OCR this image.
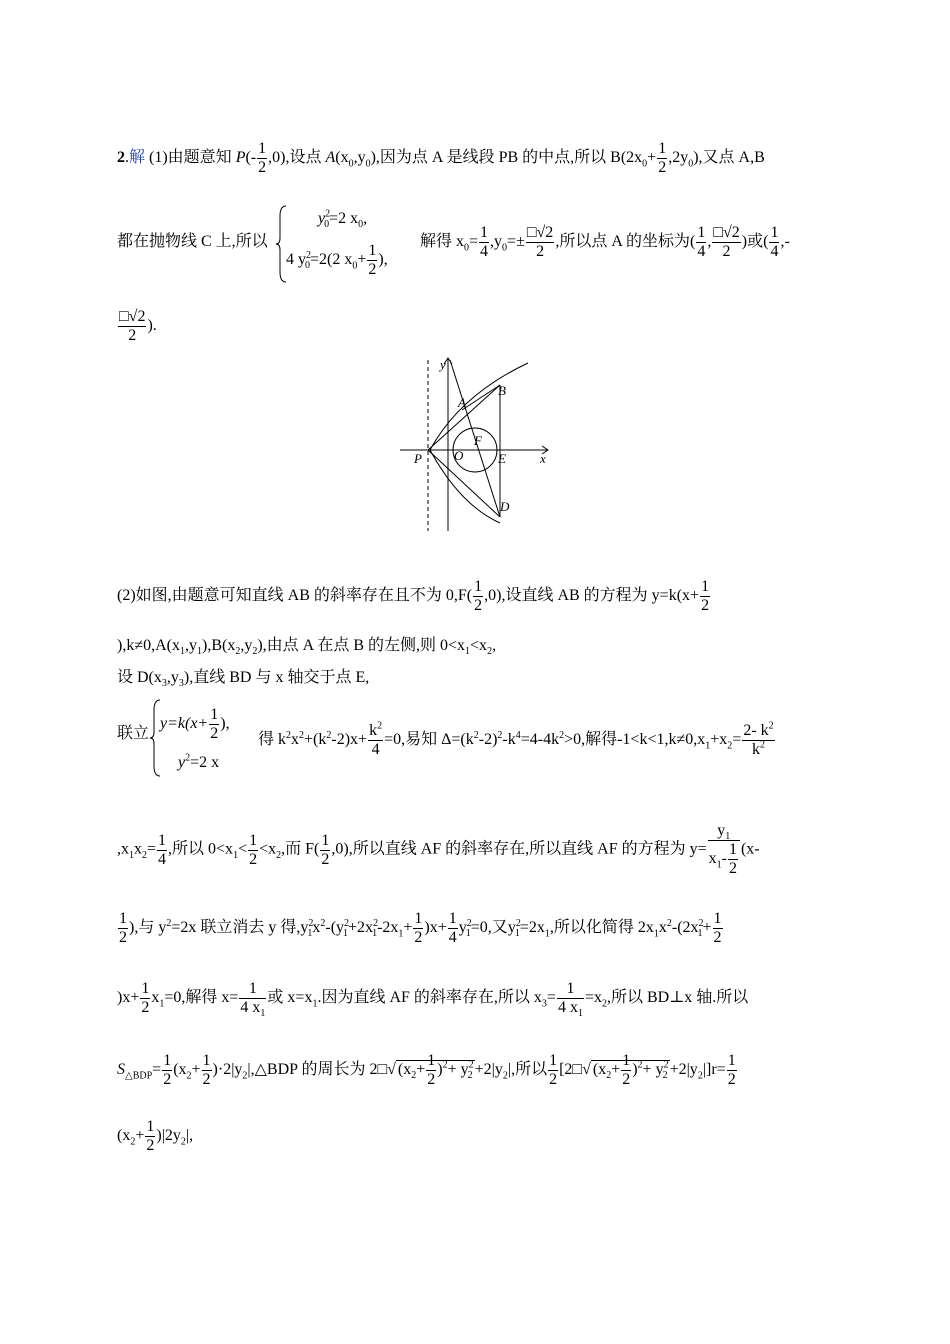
2.解 (1)由题意知 $P(- \frac{1}{2} ,0)$,设点 $A(x_0,y_0)$,因为点 A 是线段 PB 的中点,所以 $B(2x_0+ \frac{1}{2} ,2y_0)$,又点 A,B
都在抛物线 C 上,所以
$y^2_0=2$ $x_0$,
4 $y^2_0=2(2$ $x_0+ \frac{1}{2}$ ),
解得 $x_0= \frac{1}{4} ,y_0=\pm \frac{□√2}{2}$ ,所以点 A 的坐标为( $\frac{1}{4}$ , $\frac{□√2}{2}$ )或( $\frac{1}{4}$ ,-
$\frac{□√2}{2}$ ).
y
x
A
B
F
O
P	E
D
(2)如图,由题意可知直线 AB 的斜率存在且不为 $0,F( \frac{1}{2} ,0)$,设直线 AB 的方程为 $y=k(x+ \frac{1}{2}$
)$,k\ne 0,A(x_1,y_1),B(x_2,y_2)$,由点 A 在点 B 的左侧,则 $0<x_1<x_2$,
设 $D(x_3,y_3)$,直线 BD 与 x 轴交于点 E,
联立
$y=k(x+ \frac{1}{2}$ ),
$y^2=2$ x
得 $k^2x^2+(k^2-2)x+ \frac{k^2}{4} =0$,易知 $\Delta=(k^2-2)^2-k^4=4-4k^2>0$,解得$-1<k<1,k\ne 0,x_1+x_2= \frac{2- k^2}{k^2}$
$,x_1x_2= \frac{1}{4}$ ,所以 $0<x_1< \frac{1}{2} <x_2$,而 $F( \frac{1}{2} ,0)$,所以直线 AF 的斜率存在,所以直线 AF 的方程为 $y= \frac{y_1}{x_1- \frac{1}{2}} (x-$
$\frac{1}{2}$ ),与 $y^2=2x$ 联立消去 y 得$,y^2_1x^2-(y^2_1+2x^2_1-2x_1+ \frac{1}{2} )x+ \frac{1}{4} y^2_1=0$,又$y^2_1=2x_1$,所以化简得 $2x_1x^2-(2x^2_1+ \frac{1}{2}$
)$x+ \frac{1}{2} x_1=0$,解得 $x= \frac{1}{4 x_1}$ 或 $x=x_1$.因为直线 AF 的斜率存在,所以 $x_3= \frac{1}{4 x_1} =x_2$,所以 BD⊥x 轴.所以
$S_{\triangle BDP}= \frac{1}{2} (x_2+ \frac{1}{2}$ )$\cdot 2|y_2|,\triangle BDP$ 的周长为 2□√ $(x_2+ \frac{1}{2} )^2+ y^2_2 +2|y_2|$,所以 $\frac{1}{2}$ [2□√ $(x_2+ \frac{1}{2} )^2+ y^2_2 +2|y_2|]r= \frac{1}{2}$
$(x_2+ \frac{1}{2} )|2y_2|$,
